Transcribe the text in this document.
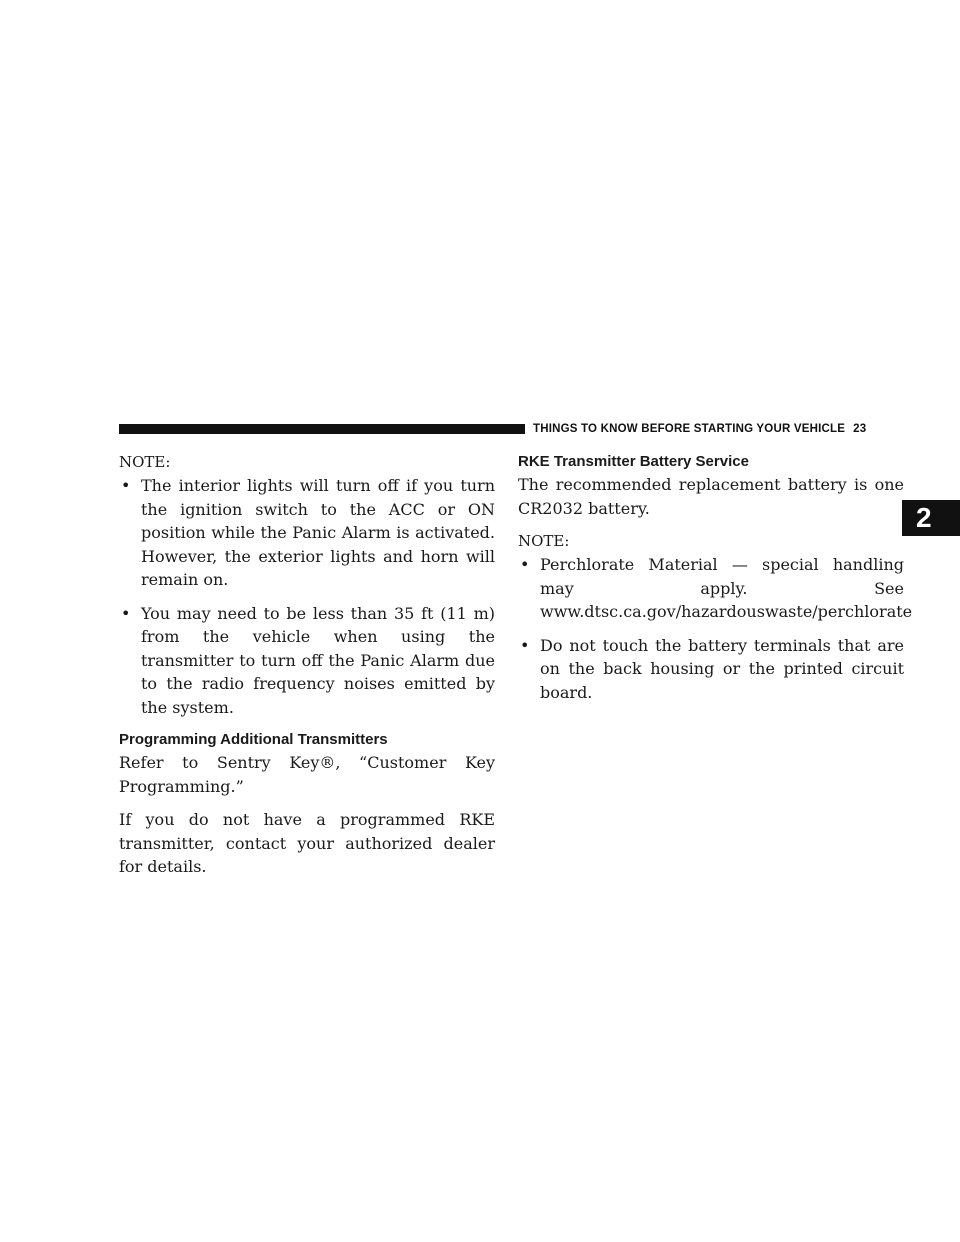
THINGS TO KNOW BEFORE STARTING YOUR VEHICLE 23
2

NOTE:

• The interior lights will turn off if you turn the ignition switch to the ACC or ON position while the Panic Alarm is activated. However, the exterior lights and horn will remain on.
• You may need to be less than 35 ft (11 m) from the vehicle when using the transmitter to turn off the Panic Alarm due to the radio frequency noises emitted by the system.
Programming Additional Transmitters

Refer to Sentry Key®, “Customer Key Programming.”

If you do not have a programmed RKE transmitter, contact your authorized dealer for details.

RKE Transmitter Battery Service

The recommended replacement battery is one CR2032 battery.

NOTE:

• Perchlorate Material — special handling may apply. See www.dtsc.ca.gov/hazardouswaste/perchlorate
• Do not touch the battery terminals that are on the back housing or the printed circuit board.
